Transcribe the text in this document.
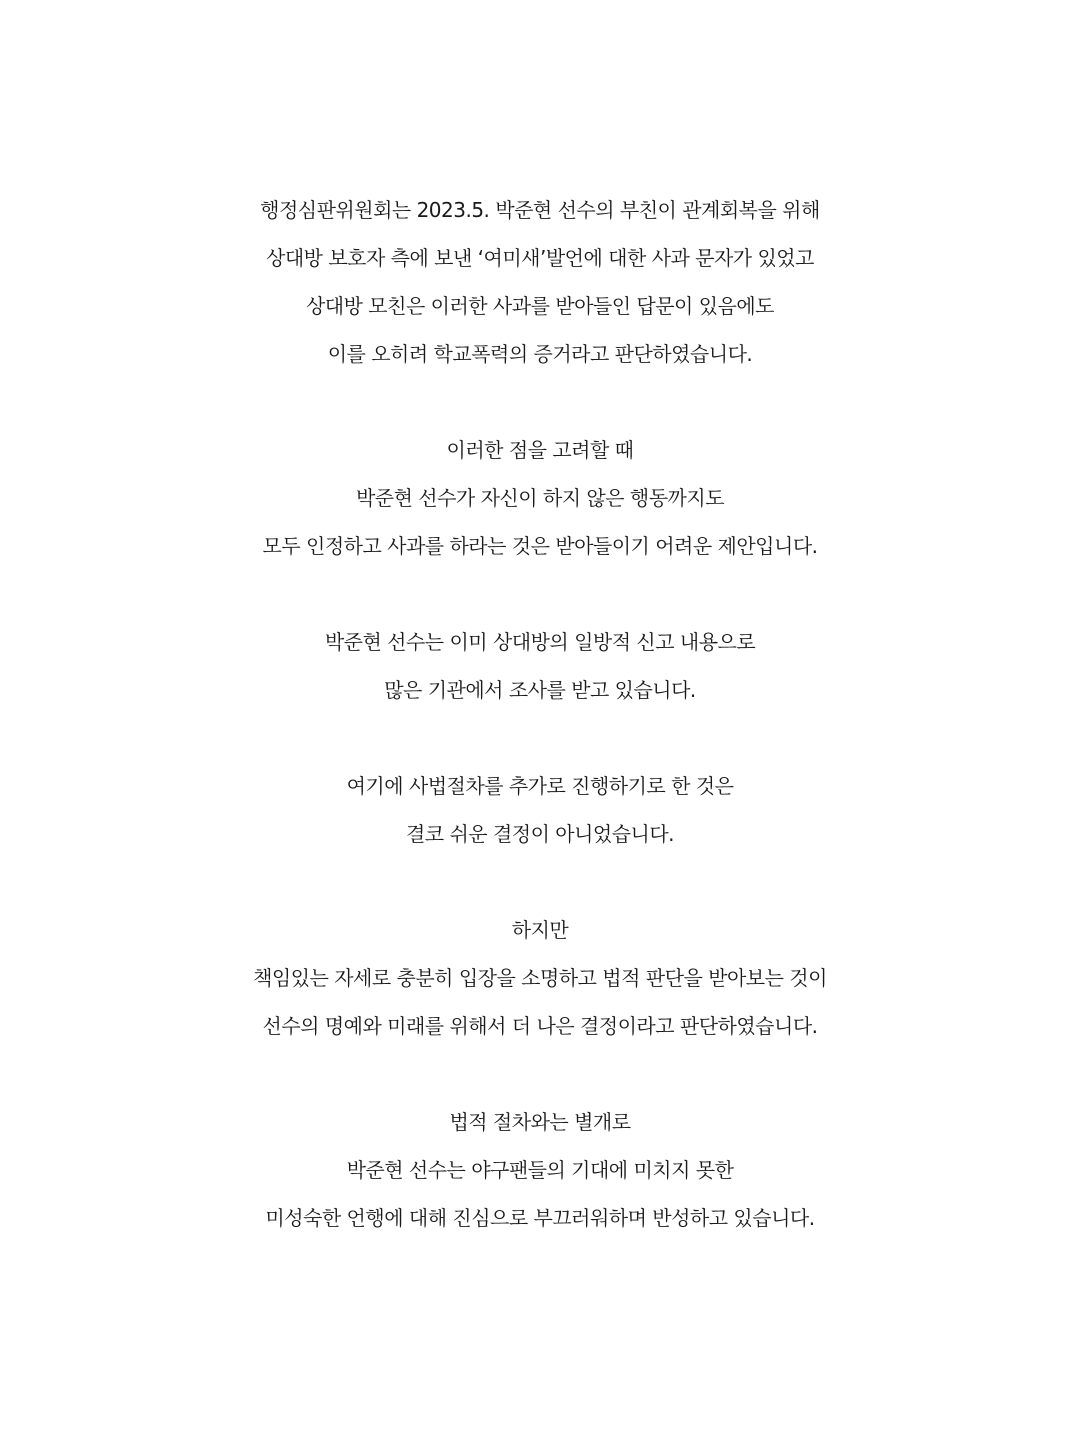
행정심판위원회는 2023.5. 박준현 선수의 부친이 관계회복을 위해
상대방 보호자 측에 보낸 ‘여미새’발언에 대한 사과 문자가 있었고
상대방 모친은 이러한 사과를 받아들인 답문이 있음에도
이를 오히려 학교폭력의 증거라고 판단하였습니다.

이러한 점을 고려할 때
박준현 선수가 자신이 하지 않은 행동까지도
모두 인정하고 사과를 하라는 것은 받아들이기 어려운 제안입니다.

박준현 선수는 이미 상대방의 일방적 신고 내용으로
많은 기관에서 조사를 받고 있습니다.

여기에 사법절차를 추가로 진행하기로 한 것은
결코 쉬운 결정이 아니었습니다.

하지만
책임있는 자세로 충분히 입장을 소명하고 법적 판단을 받아보는 것이
선수의 명예와 미래를 위해서 더 나은 결정이라고 판단하였습니다.

법적 절차와는 별개로
박준현 선수는 야구팬들의 기대에 미치지 못한
미성숙한 언행에 대해 진심으로 부끄러워하며 반성하고 있습니다.
